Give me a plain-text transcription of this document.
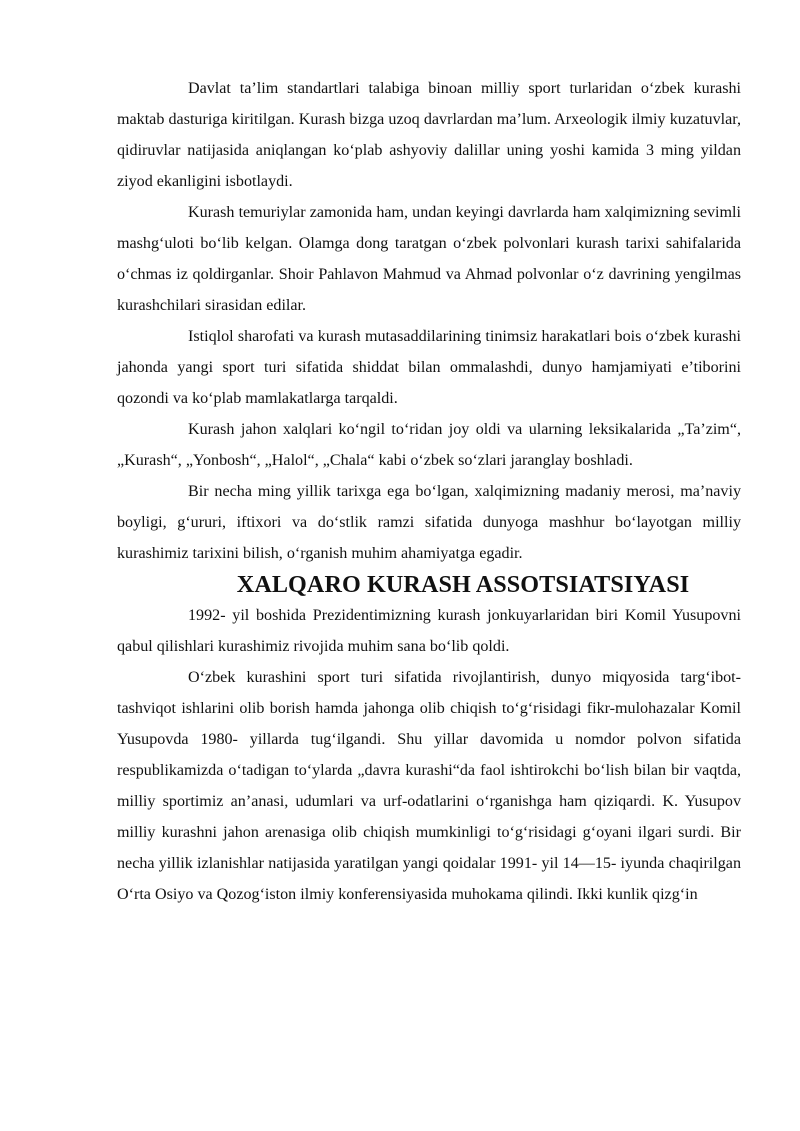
Davlat ta’lim standartlari talabiga binoan milliy sport turlaridan o‘zbek kurashi maktab dasturiga kiritilgan. Kurash bizga uzoq davrlardan ma’lum. Arxeologik ilmiy kuzatuvlar, qidiruvlar natijasida aniqlangan ko‘plab ashyoviy dalillar uning yoshi kamida 3 ming yildan ziyod ekanligini isbotlaydi.

Kurash temuriylar zamonida ham, undan keyingi davrlarda ham xalqimizning sevimli mashg‘uloti bo‘lib kelgan. Olamga dong taratgan o‘zbek polvonlari kurash tarixi sahifalarida o‘chmas iz qoldirganlar. Shoir Pahlavon Mahmud va Ahmad polvonlar o‘z davrining yengilmas kurashchilari sirasidan edilar.

Istiqlol sharofati va kurash mutasaddilarining tinimsiz harakatlari bois o‘zbek kurashi jahonda yangi sport turi sifatida shiddat bilan ommalashdi, dunyo hamjamiyati e’tiborini qozondi va ko‘plab mamlakatlarga tarqaldi.

Kurash jahon xalqlari ko‘ngil to‘ridan joy oldi va ularning leksikalarida „Ta’zim“, „Kurash“, „Yonbosh“, „Halol“, „Chala“ kabi o‘zbek so‘zlari jaranglay boshladi.

Bir necha ming yillik tarixga ega bo‘lgan, xalqimizning madaniy merosi, ma’naviy boyligi, g‘ururi, iftixori va do‘stlik ramzi sifatida dunyoga mashhur bo‘layotgan milliy kurashimiz tarixini bilish, o‘rganish muhim ahamiyatga egadir.

XALQARO KURASH ASSOTSIATSIYASI

1992- yil boshida Prezidentimizning kurash jonkuyarlaridan biri Komil Yusupovni qabul qilishlari kurashimiz rivojida muhim sana bo‘lib qoldi.

O‘zbek kurashini sport turi sifatida rivojlantirish, dunyo miqyosida targ‘ibot-tashviqot ishlarini olib borish hamda jahonga olib chiqish to‘g‘risidagi fikr-mulohazalar Komil Yusupovda 1980- yillarda tug‘ilgandi. Shu yillar davomida u nomdor polvon sifatida respublikamizda o‘tadigan to‘ylarda „davra kurashi“da faol ishtirokchi bo‘lish bilan bir vaqtda, milliy sportimiz an’anasi, udumlari va urf-odatlarini o‘rganishga ham qiziqardi. K. Yusupov milliy kurashni jahon arenasiga olib chiqish mumkinligi to‘g‘risidagi g‘oyani ilgari surdi. Bir necha yillik izlanishlar natijasida yaratilgan yangi qoidalar 1991- yil 14—15- iyunda chaqirilgan O‘rta Osiyo va Qozog‘iston ilmiy konferensiyasida muhokama qilindi. Ikki kunlik qizg‘in
